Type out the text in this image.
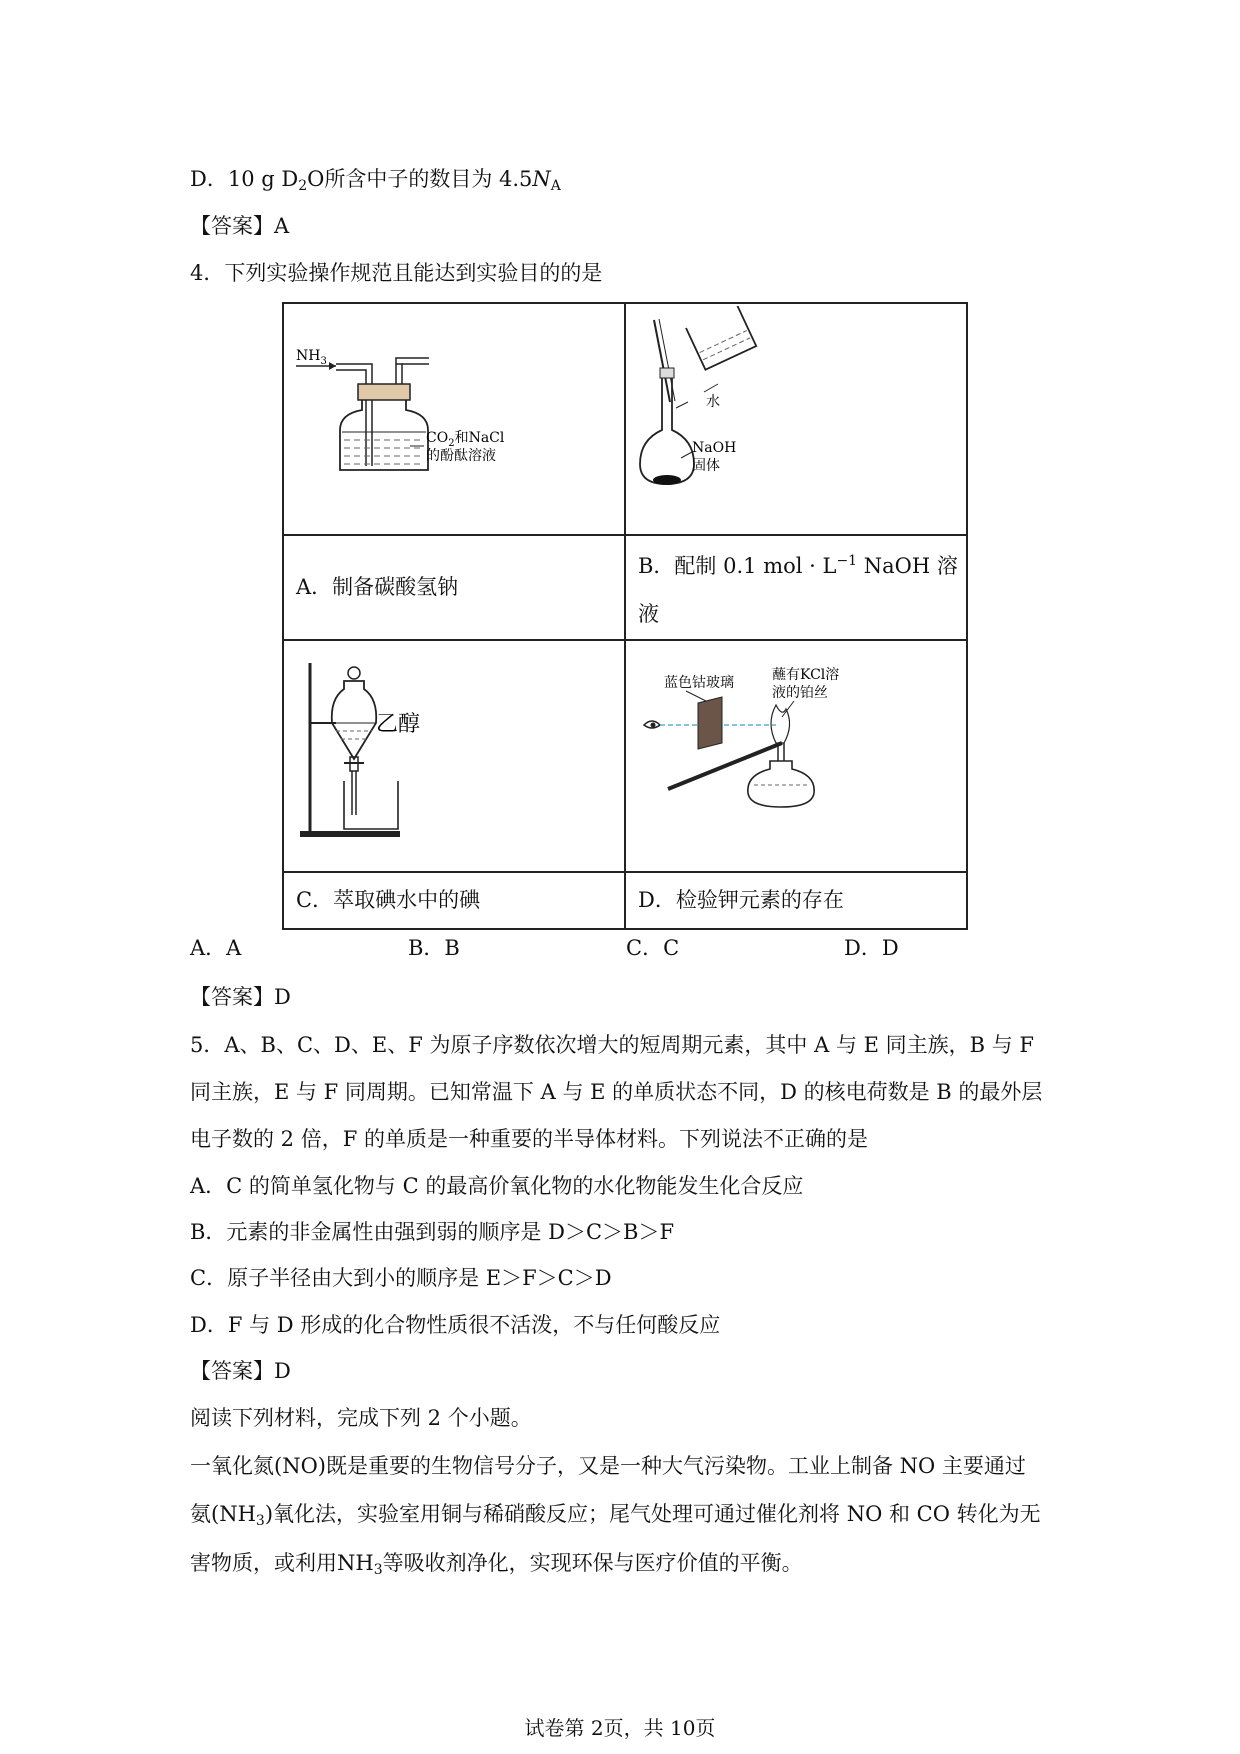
D．10 g $D_2O$所含中子的数目为 $4.5N_A$
【答案】A
4．下列实验操作规范且能达到实验目的的是
$NH_3$
$CO_2$和NaCl
的酚酞溶液	水
NaOH
固体

A．制备碳酸氢钠	B．配制 0.1 mol · $L^{-1}$ NaOH 溶
液

乙醇	蓝色钴玻璃 蘸有KCl溶
液的铂丝

C．萃取碘水中的碘	D．检验钾元素的存在
A．A	B．B	C．C	D．D
【答案】D
5．A、B、C、D、E、F 为原子序数依次增大的短周期元素，其中 A 与 E 同主族，B 与 F
同主族，E 与 F 同周期。已知常温下 A 与 E 的单质状态不同，D 的核电荷数是 B 的最外层
电子数的 2 倍，F 的单质是一种重要的半导体材料。下列说法不正确的是
A．C 的简单氢化物与 C 的最高价氧化物的水化物能发生化合反应
B．元素的非金属性由强到弱的顺序是 D＞C＞B＞F
C．原子半径由大到小的顺序是 E＞F＞C＞D
D．F 与 D 形成的化合物性质很不活泼，不与任何酸反应
【答案】D
阅读下列材料，完成下列 2 个小题。
一氧化氮(NO)既是重要的生物信号分子，又是一种大气污染物。工业上制备 NO 主要通过
氨$(NH_3)$氧化法，实验室用铜与稀硝酸反应；尾气处理可通过催化剂将 NO 和 CO 转化为无
害物质，或利用$NH_3$等吸收剂净化，实现环保与医疗价值的平衡。
试卷第 2页，共 10页
